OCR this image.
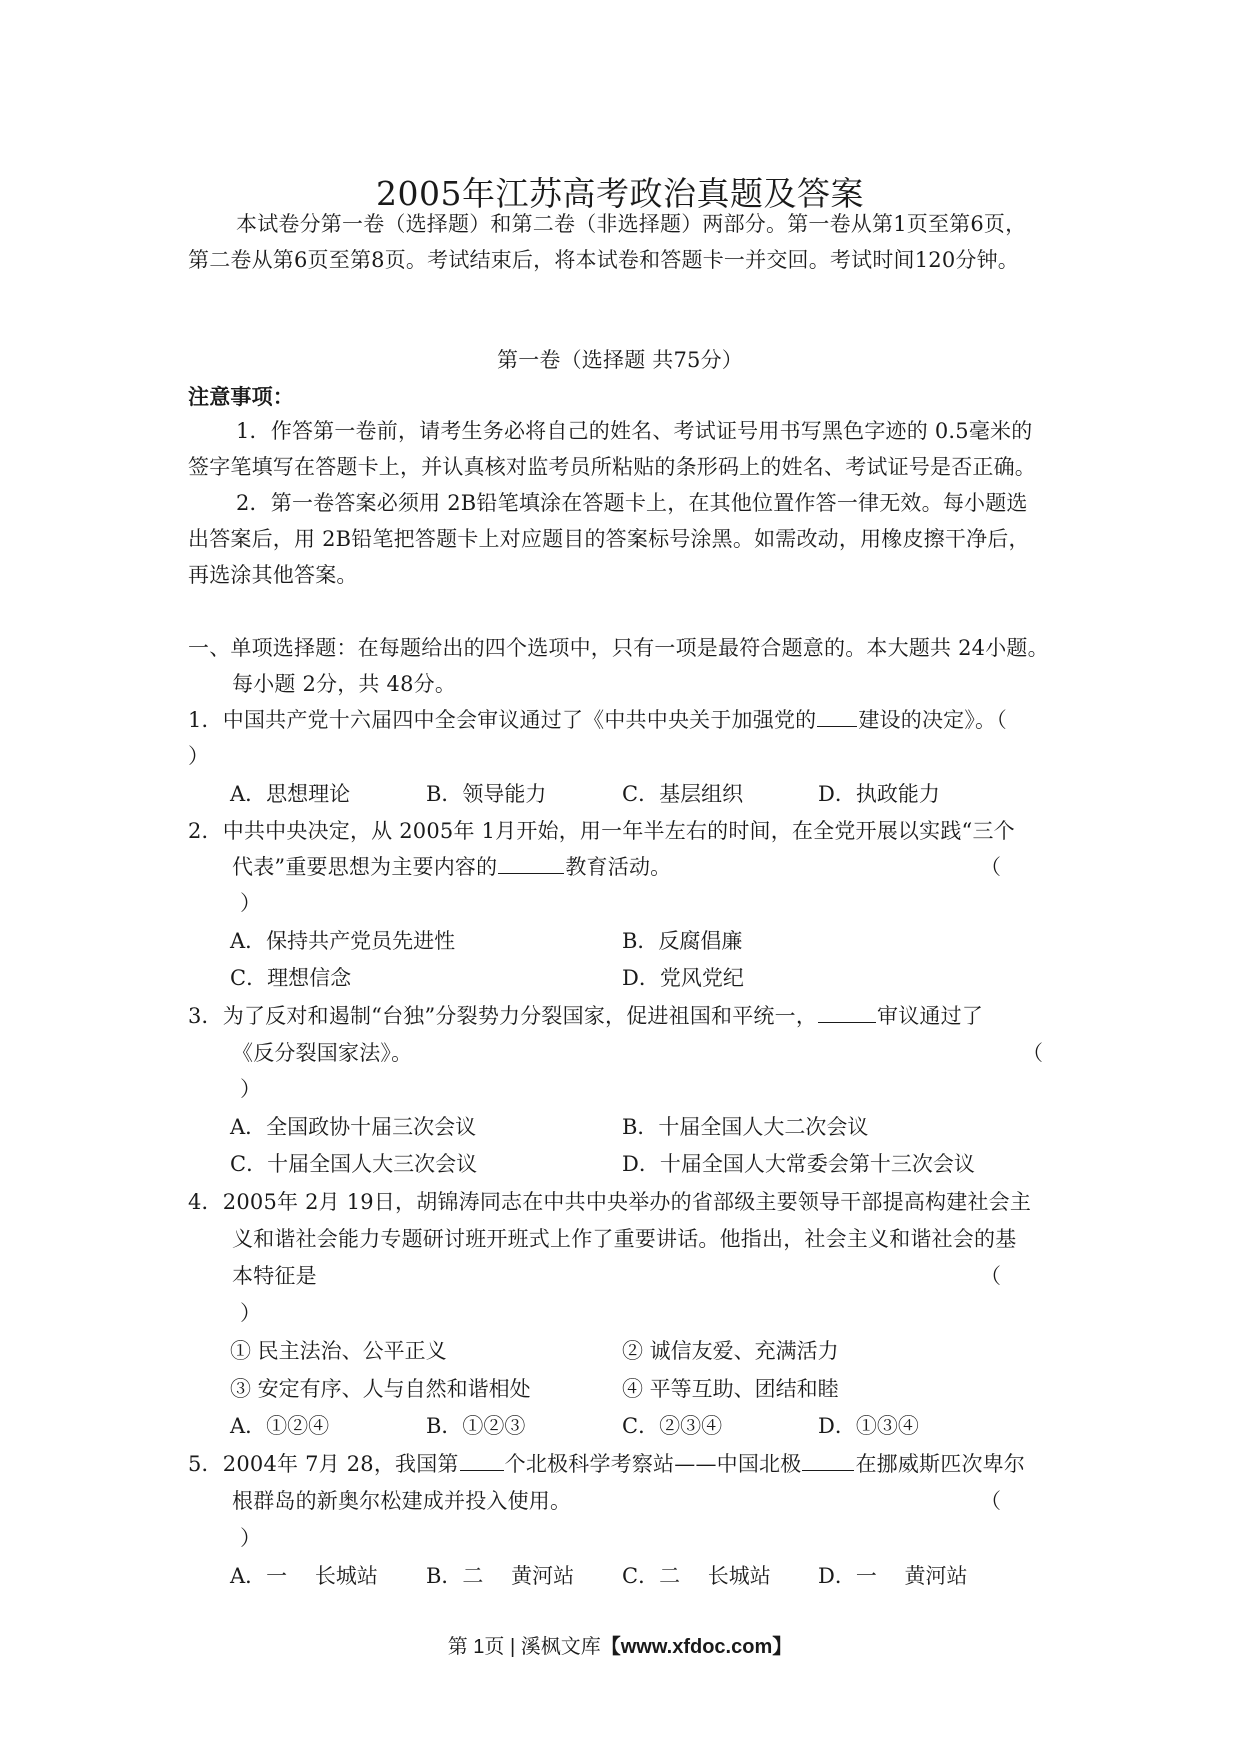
2005年江苏高考政治真题及答案
本试卷分第一卷（选择题）和第二卷（非选择题）两部分。第一卷从第1页至第6页，
第二卷从第6页至第8页。考试结束后，将本试卷和答题卡一并交回。考试时间120分钟。
第一卷（选择题 共75分）
注意事项：
1．作答第一卷前，请考生务必将自己的姓名、考试证号用书写黑色字迹的 0.5毫米的
签字笔填写在答题卡上，并认真核对监考员所粘贴的条形码上的姓名、考试证号是否正确。
2．第一卷答案必须用 2B铅笔填涂在答题卡上，在其他位置作答一律无效。每小题选
出答案后，用 2B铅笔把答题卡上对应题目的答案标号涂黑。如需改动，用橡皮擦干净后，
再选涂其他答案。
一、单项选择题：在每题给出的四个选项中，只有一项是最符合题意的。本大题共 24小题。
每小题 2分，共 48分。
1．中国共产党十六届四中全会审议通过了《中共中央关于加强党的 建设的决定》。（
）
A．思想理论	B．领导能力	C．基层组织	D．执政能力
2．中共中央决定，从 2005年 1月开始，用一年半左右的时间，在全党开展以实践“三个
代表”重要思想为主要内容的	教育活动。	（
）
A．保持共产党员先进性	B．反腐倡廉
C．理想信念	D．党风党纪
3．为了反对和遏制“台独”分裂势力分裂国家，促进祖国和平统一，	审议通过了
《反分裂国家法》。	（
）
A．全国政协十届三次会议	B．十届全国人大二次会议
C．十届全国人大三次会议	D．十届全国人大常委会第十三次会议
4．2005年 2月 19日，胡锦涛同志在中共中央举办的省部级主要领导干部提高构建社会主
义和谐社会能力专题研讨班开班式上作了重要讲话。他指出，社会主义和谐社会的基
本特征是	（
）
① 民主法治、公平正义	② 诚信友爱、充满活力
③ 安定有序、人与自然和谐相处	④ 平等互助、团结和睦
A．①②④	B．①②③	C．②③④	D．①③④
5．2004年 7月 28，我国第 个北极科学考察站——中国北极	在挪威斯匹次卑尔
根群岛的新奥尔松建成并投入使用。	（
）
A．一　 长城站 B．二　 黄河站 C．二　 长城站 D．一　 黄河站
第 1页 | 溪枫文库【www.xfdoc.com】
